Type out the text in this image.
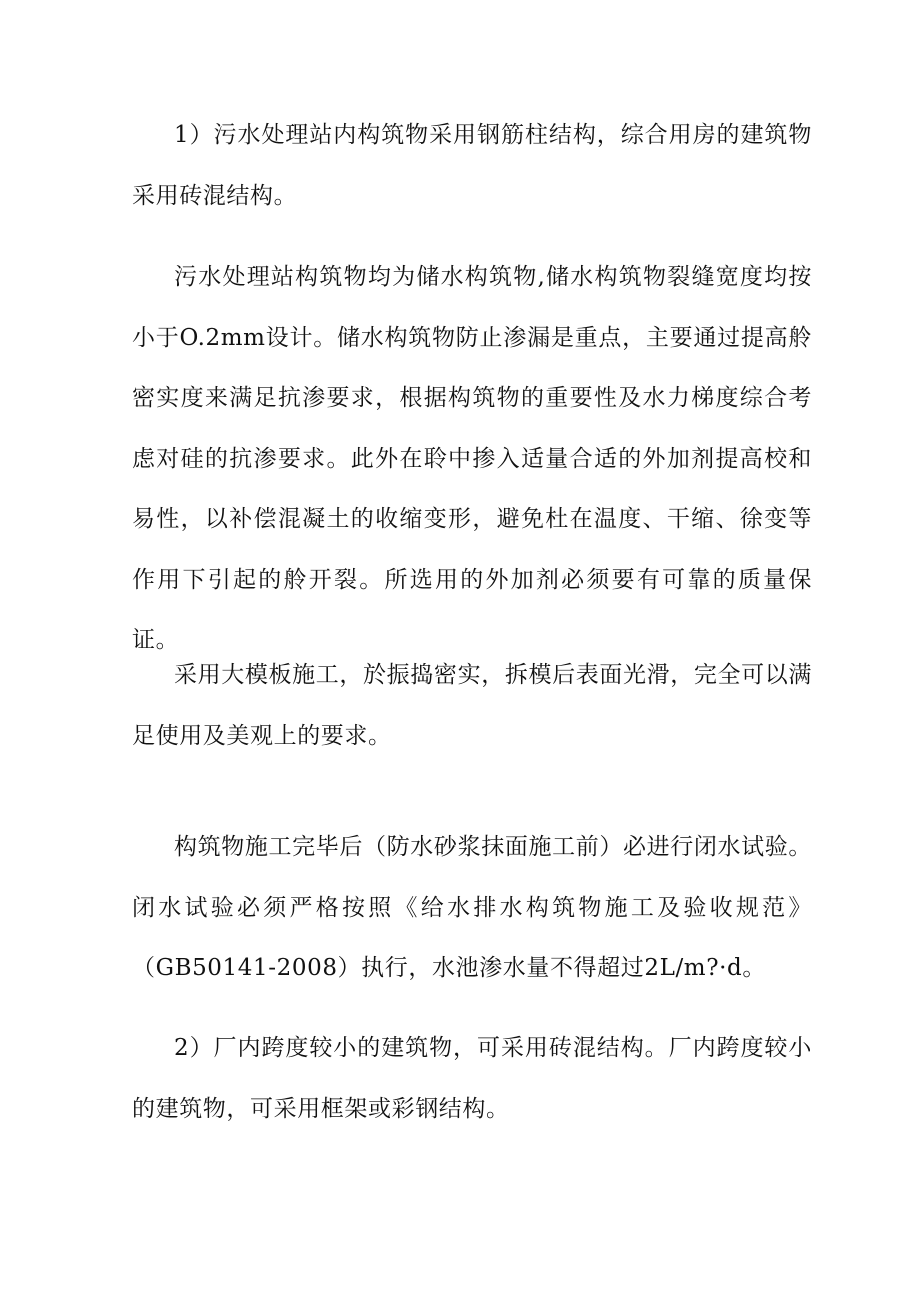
1）污水处理站内构筑物采用钢筋柱结构，综合用房的建筑物采用砖混结构。

污水处理站构筑物均为储水构筑物,储水构筑物裂缝宽度均按小于O.2mm设计。储水构筑物防止渗漏是重点，主要通过提高舲密实度来满足抗渗要求，根据构筑物的重要性及水力梯度综合考虑对硅的抗渗要求。此外在聆中掺入适量合适的外加剂提高校和易性，以补偿混凝土的收缩变形，避免杜在温度、干缩、徐变等作用下引起的舲开裂。所选用的外加剂必须要有可靠的质量保证。

采用大模板施工，於振捣密实，拆模后表面光滑，完全可以满足使用及美观上的要求。

构筑物施工完毕后（防水砂浆抹面施工前）必进行闭水试验。闭水试验必须严格按照《给水排水构筑物施工及验收规范》（GB50141-2008）执行，水池渗水量不得超过2L/m?·d。

2）厂内跨度较小的建筑物，可采用砖混结构。厂内跨度较小的建筑物，可采用框架或彩钢结构。
